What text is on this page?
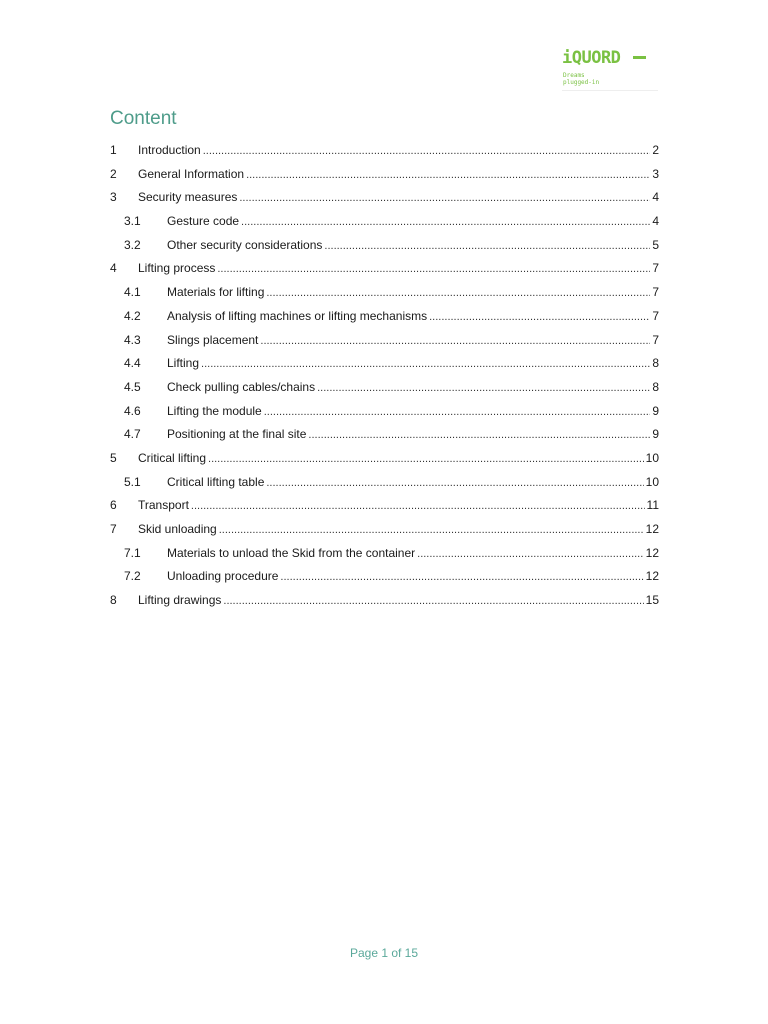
iQUORD
Dreams
plugged-in
Content
1	Introduction .....	2
2	General Information .....	3
3	Security measures .....	4
3.1	Gesture code .....	4
3.2	Other security considerations .....	5
4	Lifting process .....	7
4.1	Materials for lifting .....	7
4.2	Analysis of lifting machines or lifting mechanisms .....	7
4.3	Slings placement .....	7
4.4	Lifting .....	8
4.5	Check pulling cables/chains .....	8
4.6	Lifting the module .....	9
4.7	Positioning at the final site .....	9
5	Critical lifting .....	10
5.1	Critical lifting table .....	10
6	Transport .....	11
7	Skid unloading .....	12
7.1	Materials to unload the Skid from the container .....	12
7.2	Unloading procedure .....	12
8	Lifting drawings .....	15
Page 1 of 15
